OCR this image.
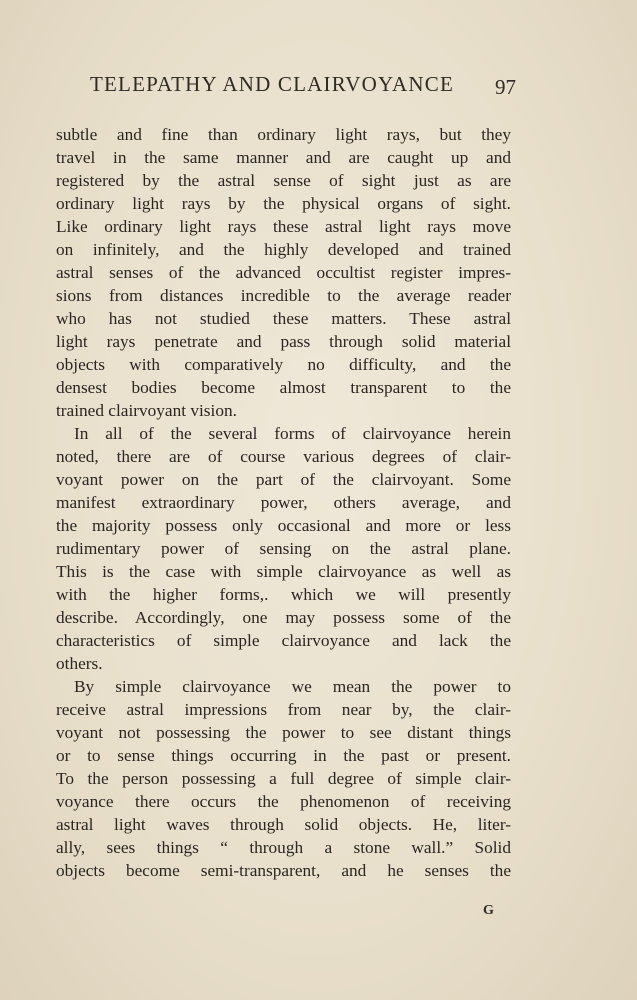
TELEPATHY AND CLAIRVOYANCE 97
subtle and fine than ordinary light rays, but they
travel in the same manner and are caught up and
registered by the astral sense of sight just as are
ordinary light rays by the physical organs of sight.
Like ordinary light rays these astral light rays move
on infinitely, and the highly developed and trained
astral senses of the advanced occultist register impres-
sions from distances incredible to the average reader
who has not studied these matters. These astral
light rays penetrate and pass through solid material
objects with comparatively no difficulty, and the
densest bodies become almost transparent to the
trained clairvoyant vision.
In all of the several forms of clairvoyance herein
noted, there are of course various degrees of clair-
voyant power on the part of the clairvoyant. Some
manifest extraordinary power, others average, and
the majority possess only occasional and more or less
rudimentary power of sensing on the astral plane.
This is the case with simple clairvoyance as well as
with the higher forms,. which we will presently
describe. Accordingly, one may possess some of the
characteristics of simple clairvoyance and lack the
others.
By simple clairvoyance we mean the power to
receive astral impressions from near by, the clair-
voyant not possessing the power to see distant things
or to sense things occurring in the past or present.
To the person possessing a full degree of simple clair-
voyance there occurs the phenomenon of receiving
astral light waves through solid objects. He, liter-
ally, sees things “ through a stone wall.” Solid
objects become semi-transparent, and he senses the
G
